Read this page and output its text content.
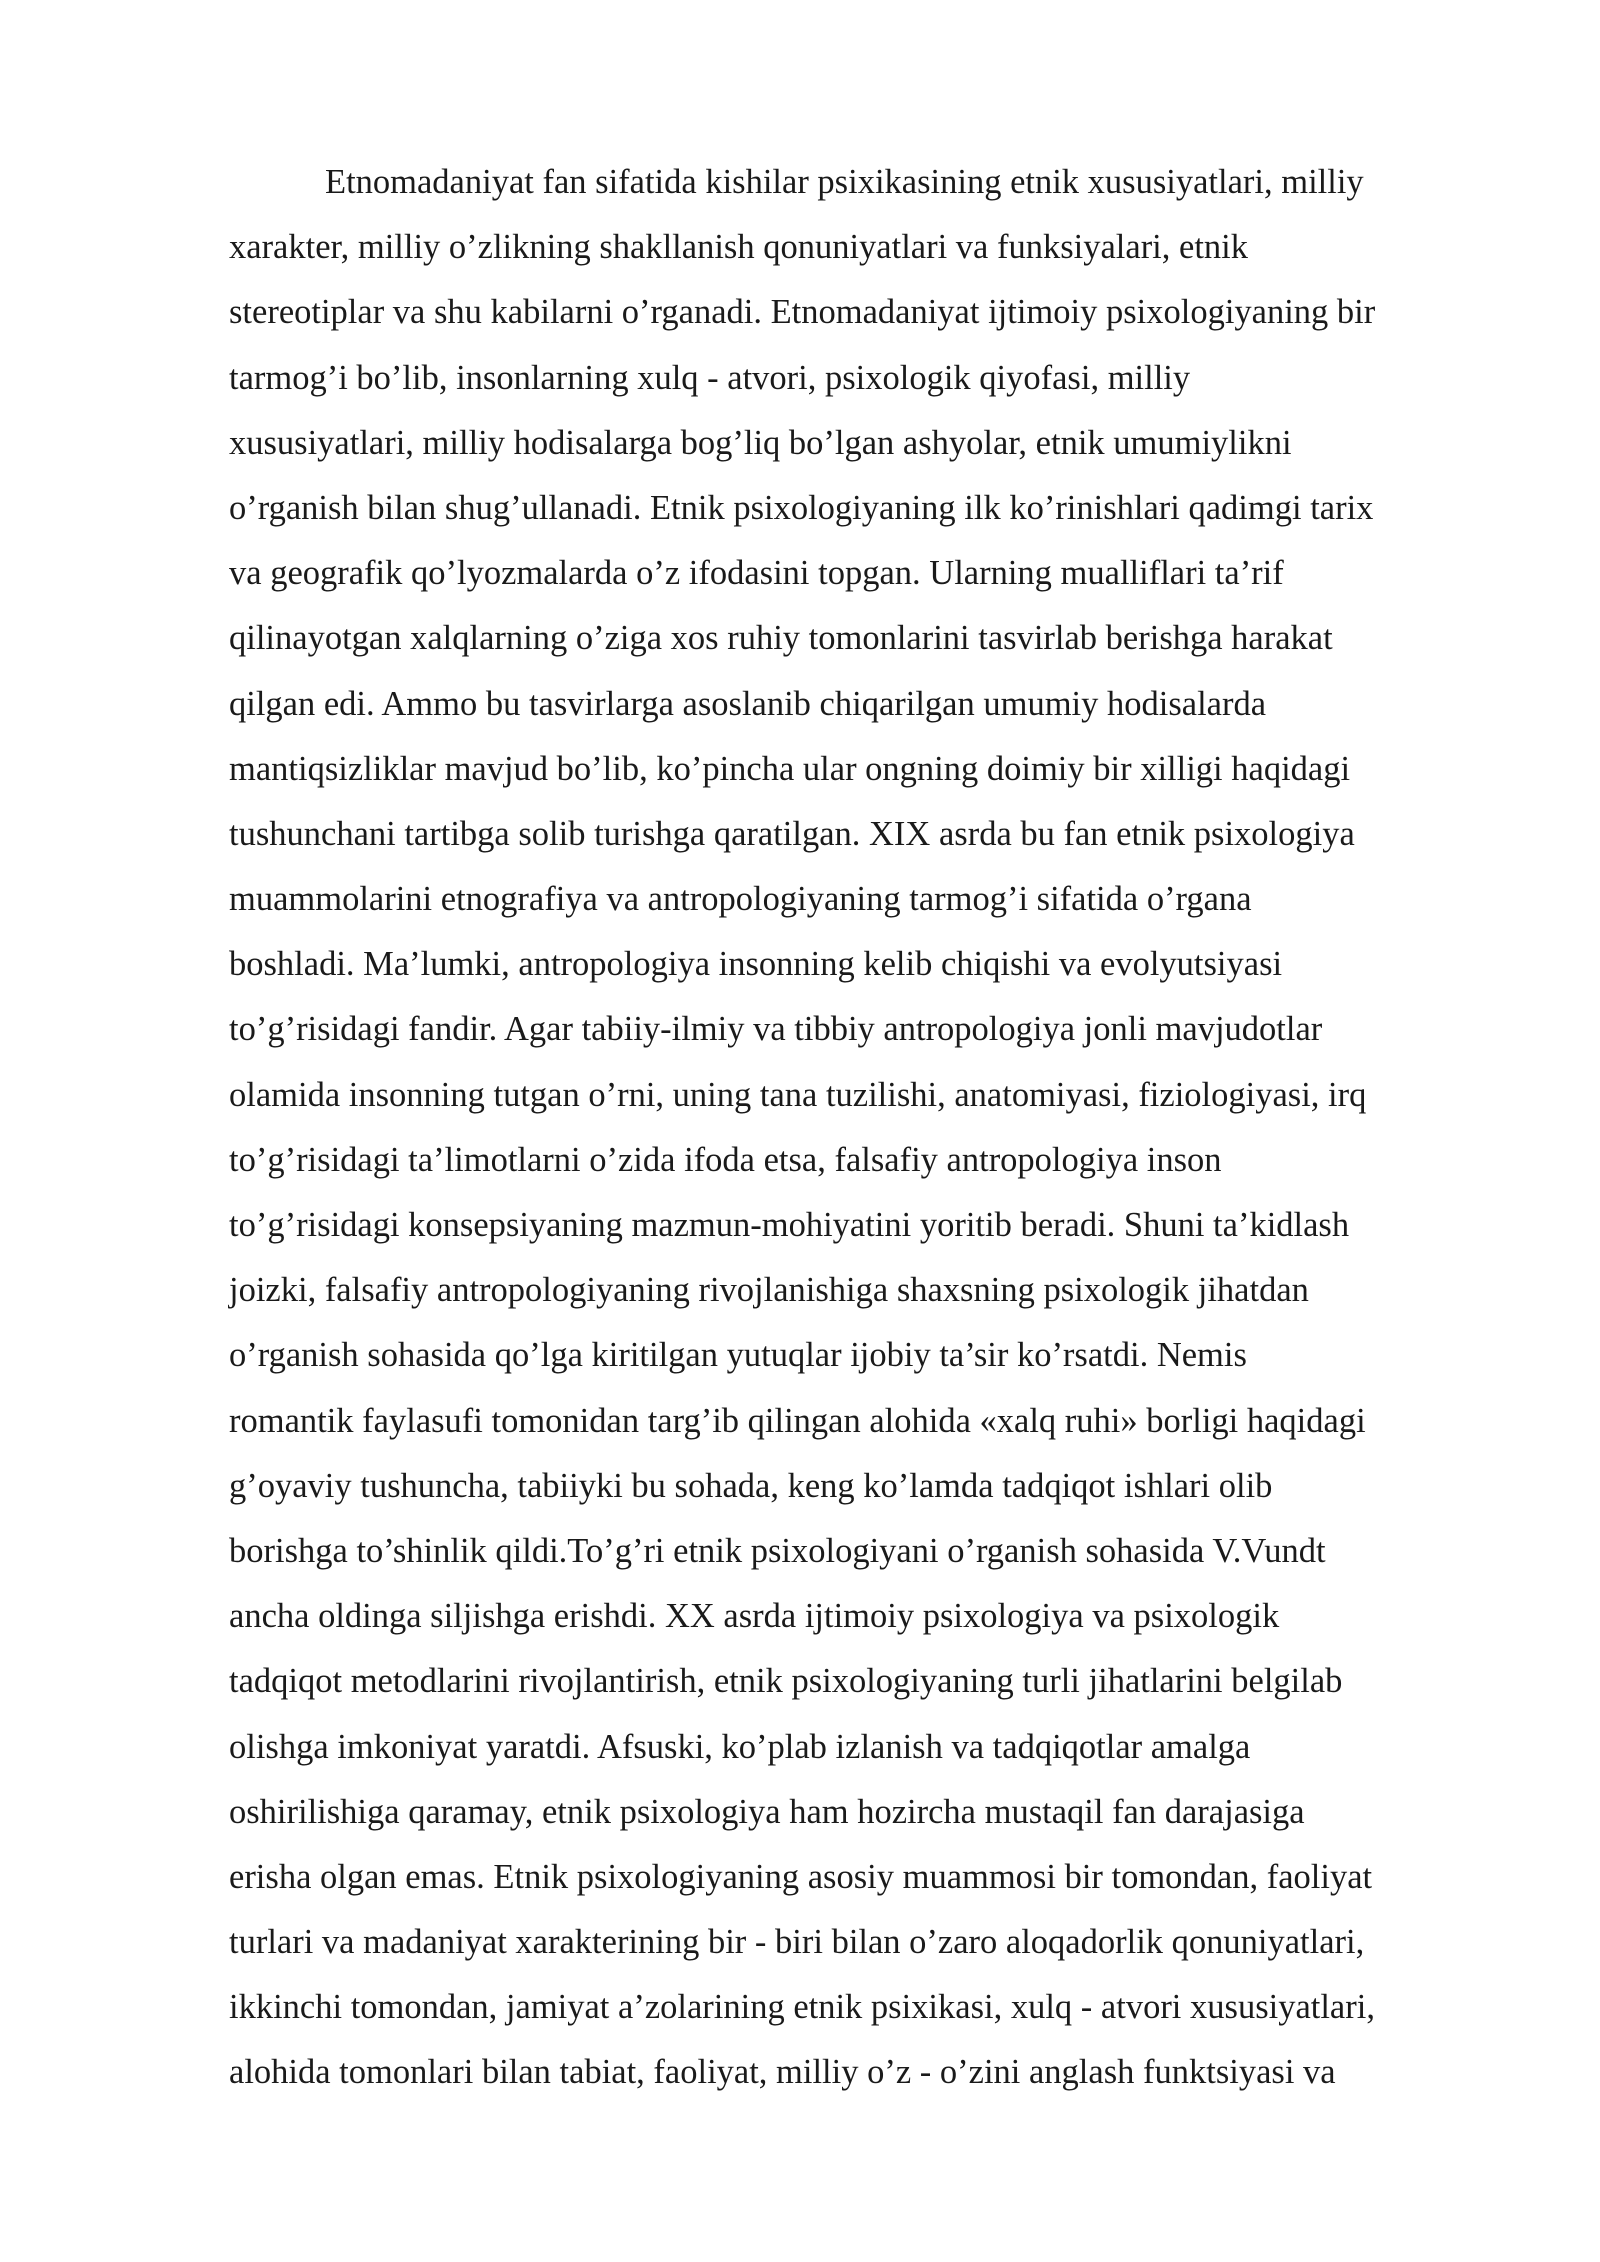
Etnomadaniyat fan sifatida kishilar psixikasining etnik xususiyatlari, milliy
xarakter, milliy o’zlikning shakllanish qonuniyatlari va funksiyalari, etnik
stereotiplar va shu kabilarni o’rganadi. Etnomadaniyat ijtimoiy psixologiyaning bir
tarmog’i bo’lib, insonlarning xulq - atvori, psixologik qiyofasi, milliy
xususiyatlari, milliy hodisalarga bog’liq bo’lgan ashyolar, etnik umumiylikni
o’rganish bilan shug’ullanadi. Etnik psixologiyaning ilk ko’rinishlari qadimgi tarix
va geografik qo’lyozmalarda o’z ifodasini topgan. Ularning mualliflari ta’rif
qilinayotgan xalqlarning o’ziga xos ruhiy tomonlarini tasvirlab berishga harakat
qilgan edi. Ammo bu tasvirlarga asoslanib chiqarilgan umumiy hodisalarda
mantiqsizliklar mavjud bo’lib, ko’pincha ular ongning doimiy bir xilligi haqidagi
tushunchani tartibga solib turishga qaratilgan. XIX asrda bu fan etnik psixologiya
muammolarini etnografiya va antropologiyaning tarmog’i sifatida o’rgana
boshladi. Ma’lumki, antropologiya insonning kelib chiqishi va evolyutsiyasi
to’g’risidagi fandir. Agar tabiiy-ilmiy va tibbiy antropologiya jonli mavjudotlar
olamida insonning tutgan o’rni, uning tana tuzilishi, anatomiyasi, fiziologiyasi, irq
to’g’risidagi ta’limotlarni o’zida ifoda etsa, falsafiy antropologiya inson
to’g’risidagi konsepsiyaning mazmun-mohiyatini yoritib beradi. Shuni ta’kidlash
joizki, falsafiy antropologiyaning rivojlanishiga shaxsning psixologik jihatdan
o’rganish sohasida qo’lga kiritilgan yutuqlar ijobiy ta’sir ko’rsatdi. Nemis
romantik faylasufi tomonidan targ’ib qilingan alohida «xalq ruhi» borligi haqidagi
g’oyaviy tushuncha, tabiiyki bu sohada, keng ko’lamda tadqiqot ishlari olib
borishga to’shinlik qildi.To’g’ri etnik psixologiyani o’rganish sohasida V.Vundt
ancha oldinga siljishga erishdi. XX asrda ijtimoiy psixologiya va psixologik
tadqiqot metodlarini rivojlantirish, etnik psixologiyaning turli jihatlarini belgilab
olishga imkoniyat yaratdi. Afsuski, ko’plab izlanish va tadqiqotlar amalga
oshirilishiga qaramay, etnik psixologiya ham hozircha mustaqil fan darajasiga
erisha olgan emas. Etnik psixologiyaning asosiy muammosi bir tomondan, faoliyat
turlari va madaniyat xarakterining bir - biri bilan o’zaro aloqadorlik qonuniyatlari,
ikkinchi tomondan, jamiyat a’zolarining etnik psixikasi, xulq - atvori xususiyatlari,
alohida tomonlari bilan tabiat, faoliyat, milliy o’z - o’zini anglash funktsiyasi va
